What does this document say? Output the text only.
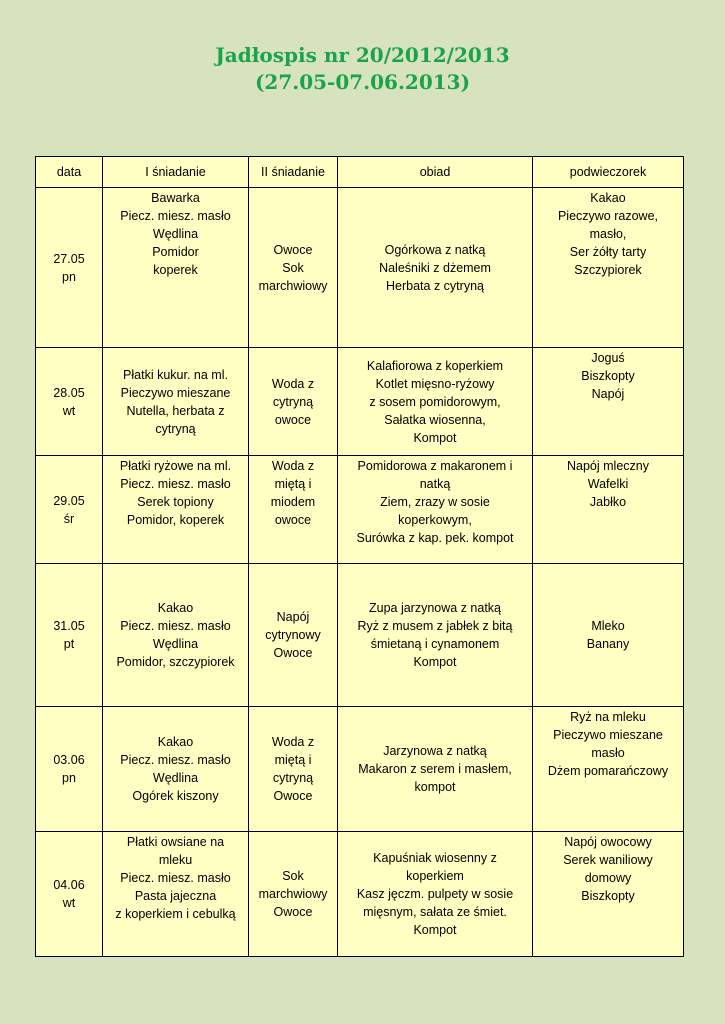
Jadłospis nr 20/2012/2013
(27.05-07.06.2013)
data	I śniadanie	II śniadanie	obiad	podwieczorek

27.05
pn	Bawarka
Piecz. miesz. masło
Wędlina
Pomidor
koperek	Owoce
Sok
marchwiowy	Ogórkowa z natką
Naleśniki z dżemem
Herbata z cytryną	Kakao
Pieczywo razowe,
masło,
Ser żółty tarty
Szczypiorek

28.05
wt	Płatki kukur. na ml.
Pieczywo mieszane
Nutella, herbata z
cytryną	Woda z
cytryną
owoce	Kalafiorowa z koperkiem
Kotlet mięsno-ryżowy
z sosem pomidorowym,
Sałatka wiosenna,
Kompot	Joguś
Biszkopty
Napój

29.05
śr	Płatki ryżowe na ml.
Piecz. miesz. masło
Serek topiony
Pomidor, koperek	Woda z
miętą i
miodem
owoce	Pomidorowa z makaronem i
natką
Ziem, zrazy w sosie
koperkowym,
Surówka z kap. pek. kompot	Napój mleczny
Wafelki
Jabłko

31.05
pt	Kakao
Piecz. miesz. masło
Wędlina
Pomidor, szczypiorek	Napój
cytrynowy
Owoce	Zupa jarzynowa z natką
Ryż z musem z jabłek z bitą
śmietaną i cynamonem
Kompot	Mleko
Banany

03.06
pn	Kakao
Piecz. miesz. masło
Wędlina
Ogórek kiszony	Woda z
miętą i
cytryną
Owoce	Jarzynowa z natką
Makaron z serem i masłem,
kompot	Ryż na mleku
Pieczywo mieszane
masło
Dżem pomarańczowy

04.06
wt	Płatki owsiane na
mleku
Piecz. miesz. masło
Pasta jajeczna
z koperkiem i cebulką	Sok
marchwiowy
Owoce	Kapuśniak wiosenny z
koperkiem
Kasz jęczm. pulpety w sosie
mięsnym, sałata ze śmiet.
Kompot	Napój owocowy
Serek waniliowy
domowy
Biszkopty
